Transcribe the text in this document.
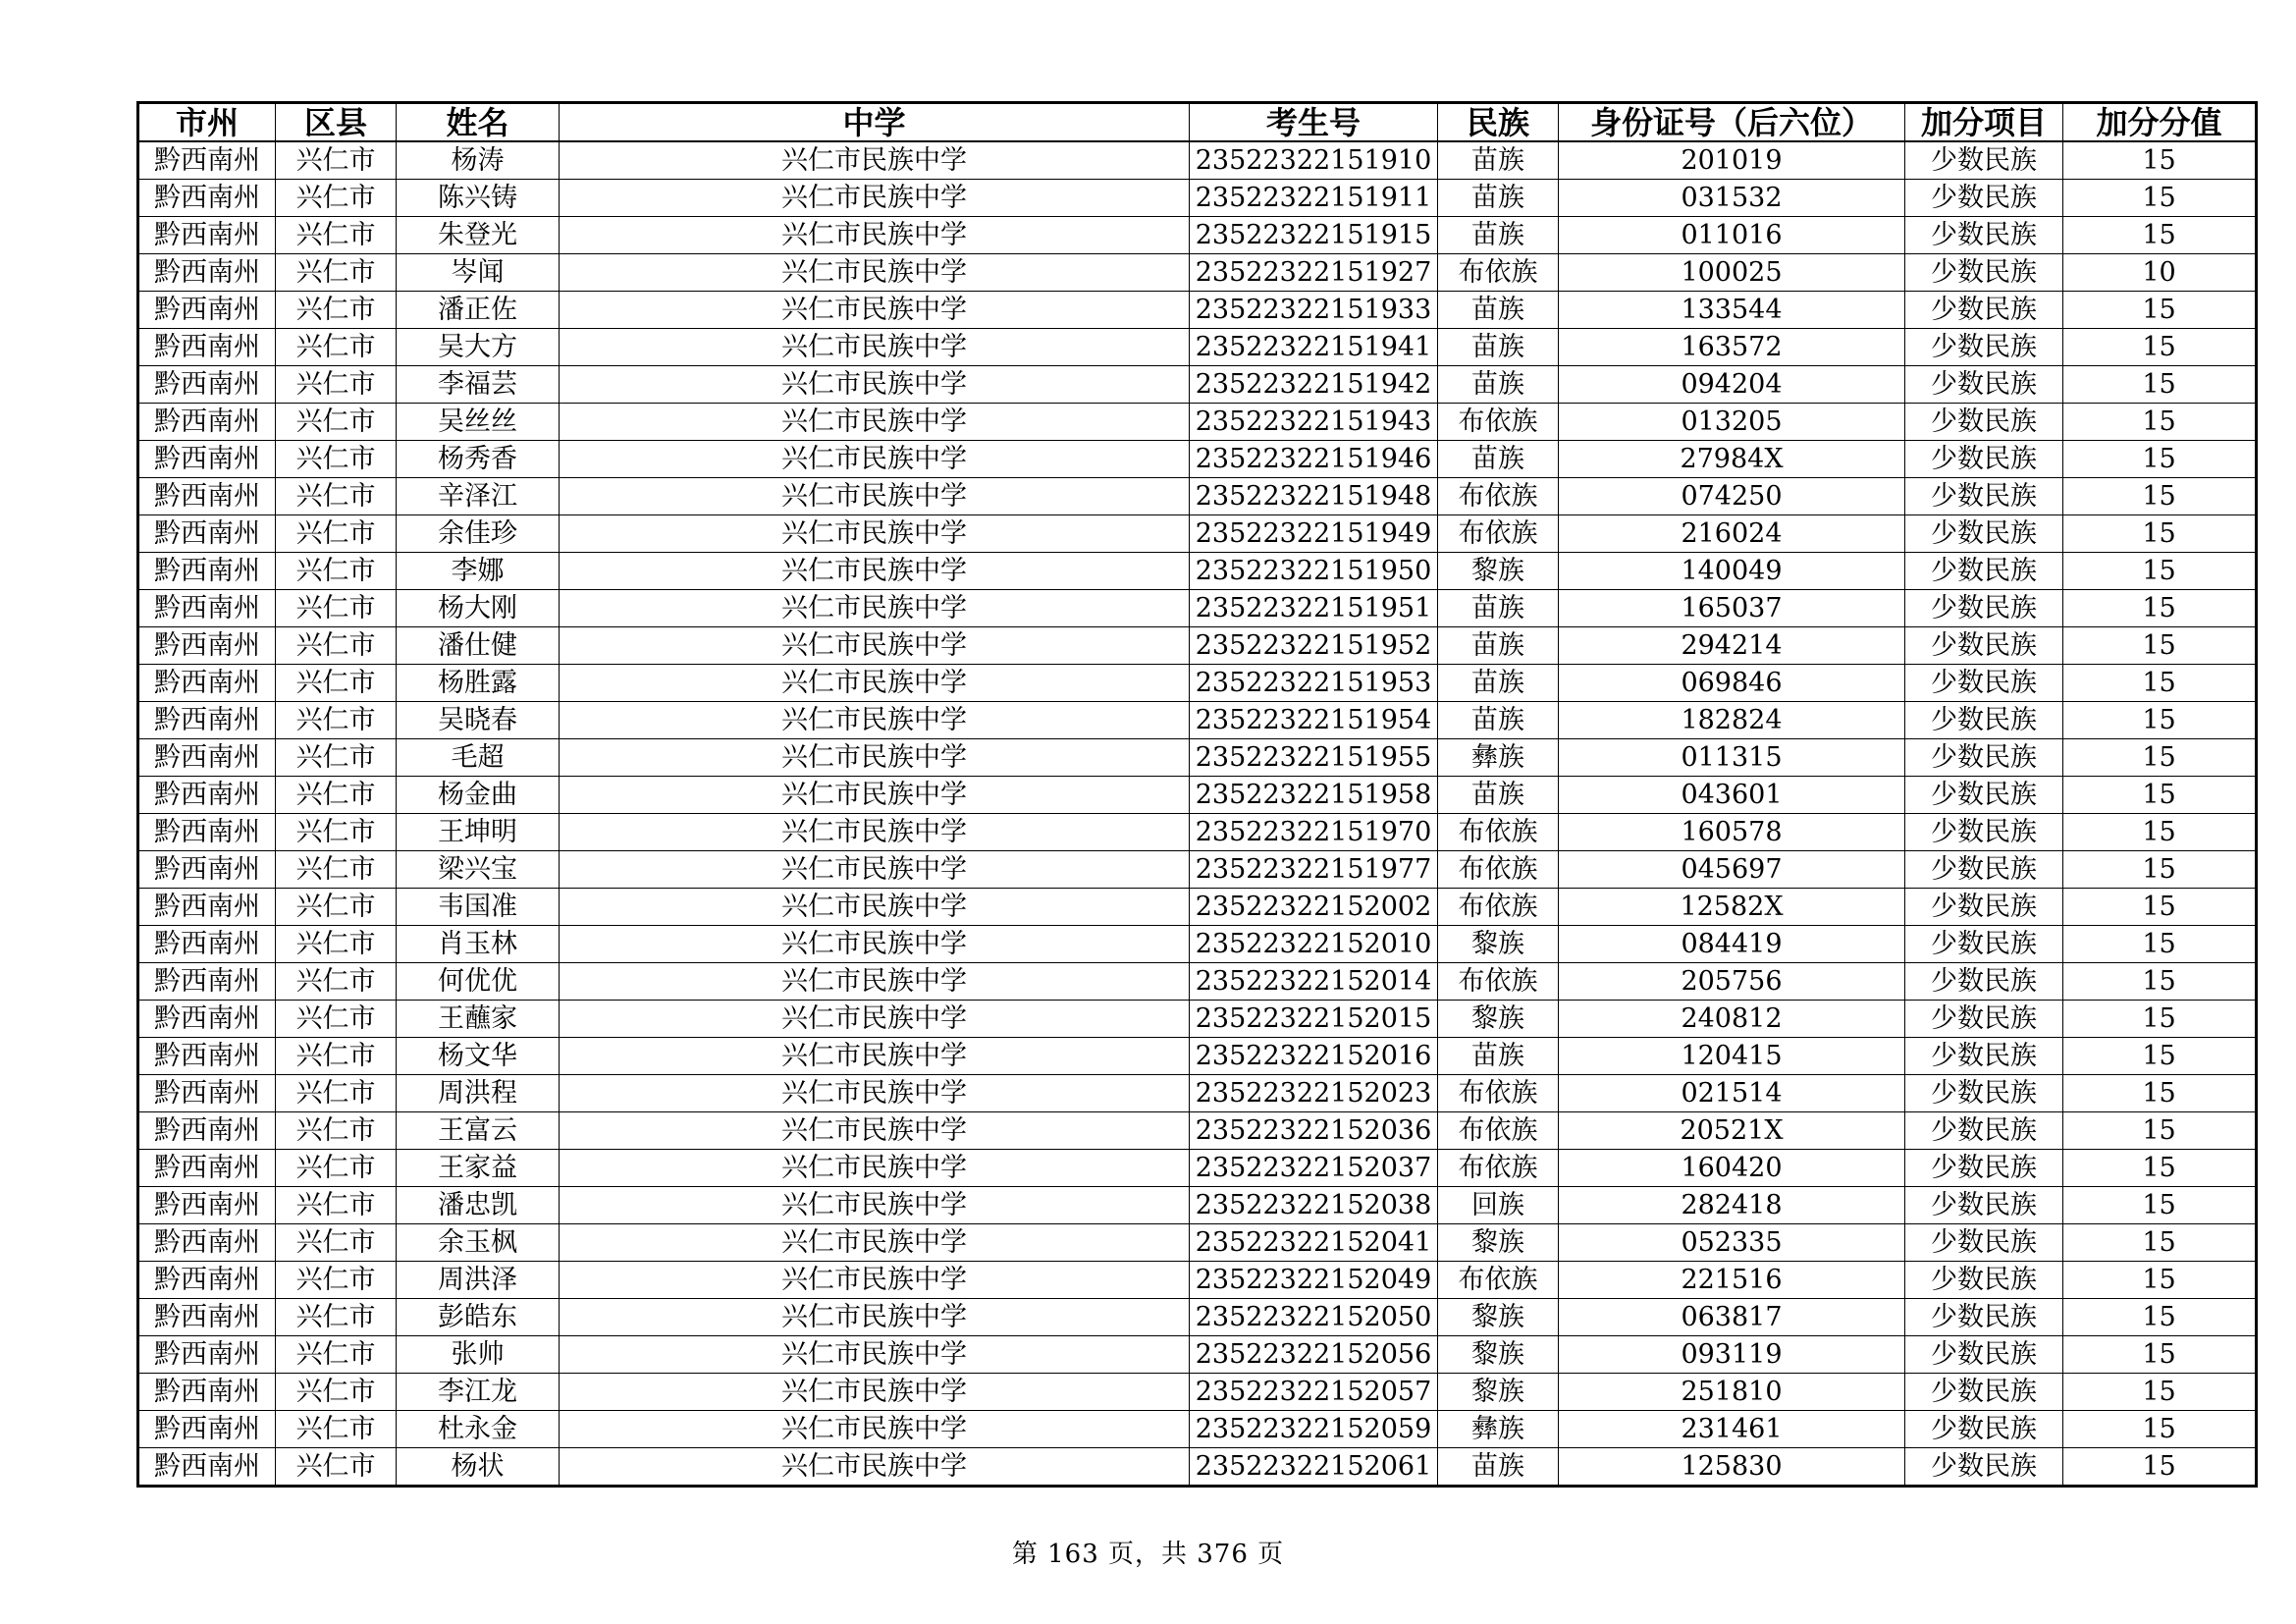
市州	区县	姓名	中学	考生号	民族	身份证号（后六位）	加分项目	加分分值
黔西南州	兴仁市	杨涛	兴仁市民族中学	23522322151910	苗族	201019	少数民族	15
黔西南州	兴仁市	陈兴铸	兴仁市民族中学	23522322151911	苗族	031532	少数民族	15
黔西南州	兴仁市	朱登光	兴仁市民族中学	23522322151915	苗族	011016	少数民族	15
黔西南州	兴仁市	岑闻	兴仁市民族中学	23522322151927	布依族	100025	少数民族	10
黔西南州	兴仁市	潘正佐	兴仁市民族中学	23522322151933	苗族	133544	少数民族	15
黔西南州	兴仁市	吴大方	兴仁市民族中学	23522322151941	苗族	163572	少数民族	15
黔西南州	兴仁市	李福芸	兴仁市民族中学	23522322151942	苗族	094204	少数民族	15
黔西南州	兴仁市	吴丝丝	兴仁市民族中学	23522322151943	布依族	013205	少数民族	15
黔西南州	兴仁市	杨秀香	兴仁市民族中学	23522322151946	苗族	27984X	少数民族	15
黔西南州	兴仁市	辛泽江	兴仁市民族中学	23522322151948	布依族	074250	少数民族	15
黔西南州	兴仁市	余佳珍	兴仁市民族中学	23522322151949	布依族	216024	少数民族	15
黔西南州	兴仁市	李娜	兴仁市民族中学	23522322151950	黎族	140049	少数民族	15
黔西南州	兴仁市	杨大刚	兴仁市民族中学	23522322151951	苗族	165037	少数民族	15
黔西南州	兴仁市	潘仕健	兴仁市民族中学	23522322151952	苗族	294214	少数民族	15
黔西南州	兴仁市	杨胜露	兴仁市民族中学	23522322151953	苗族	069846	少数民族	15
黔西南州	兴仁市	吴晓春	兴仁市民族中学	23522322151954	苗族	182824	少数民族	15
黔西南州	兴仁市	毛超	兴仁市民族中学	23522322151955	彝族	011315	少数民族	15
黔西南州	兴仁市	杨金曲	兴仁市民族中学	23522322151958	苗族	043601	少数民族	15
黔西南州	兴仁市	王坤明	兴仁市民族中学	23522322151970	布依族	160578	少数民族	15
黔西南州	兴仁市	梁兴宝	兴仁市民族中学	23522322151977	布依族	045697	少数民族	15
黔西南州	兴仁市	韦国准	兴仁市民族中学	23522322152002	布依族	12582X	少数民族	15
黔西南州	兴仁市	肖玉林	兴仁市民族中学	23522322152010	黎族	084419	少数民族	15
黔西南州	兴仁市	何优优	兴仁市民族中学	23522322152014	布依族	205756	少数民族	15
黔西南州	兴仁市	王蘸家	兴仁市民族中学	23522322152015	黎族	240812	少数民族	15
黔西南州	兴仁市	杨文华	兴仁市民族中学	23522322152016	苗族	120415	少数民族	15
黔西南州	兴仁市	周洪程	兴仁市民族中学	23522322152023	布依族	021514	少数民族	15
黔西南州	兴仁市	王富云	兴仁市民族中学	23522322152036	布依族	20521X	少数民族	15
黔西南州	兴仁市	王家益	兴仁市民族中学	23522322152037	布依族	160420	少数民族	15
黔西南州	兴仁市	潘忠凯	兴仁市民族中学	23522322152038	回族	282418	少数民族	15
黔西南州	兴仁市	余玉枫	兴仁市民族中学	23522322152041	黎族	052335	少数民族	15
黔西南州	兴仁市	周洪泽	兴仁市民族中学	23522322152049	布依族	221516	少数民族	15
黔西南州	兴仁市	彭皓东	兴仁市民族中学	23522322152050	黎族	063817	少数民族	15
黔西南州	兴仁市	张帅	兴仁市民族中学	23522322152056	黎族	093119	少数民族	15
黔西南州	兴仁市	李江龙	兴仁市民族中学	23522322152057	黎族	251810	少数民族	15
黔西南州	兴仁市	杜永金	兴仁市民族中学	23522322152059	彝族	231461	少数民族	15
黔西南州	兴仁市	杨状	兴仁市民族中学	23522322152061	苗族	125830	少数民族	15
第 163 页，共 376 页
